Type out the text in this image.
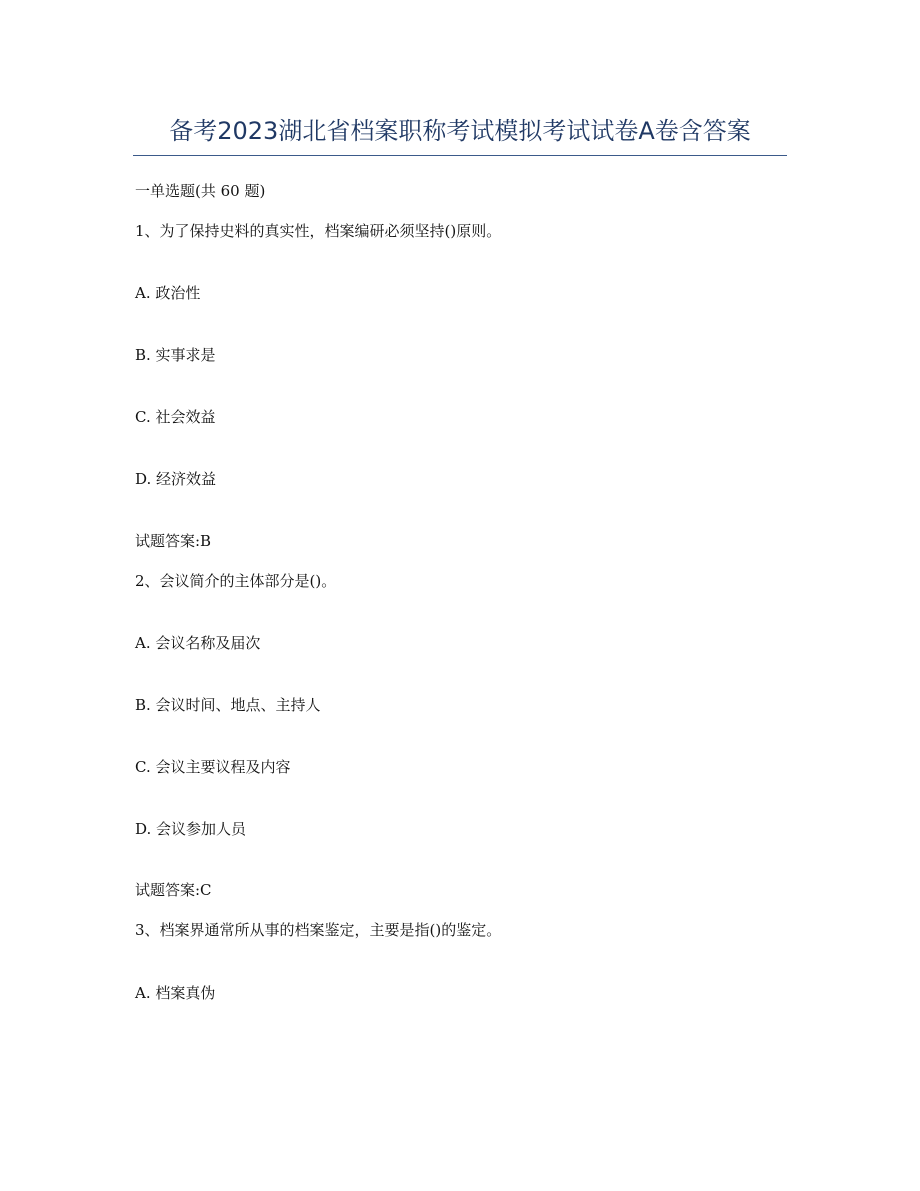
备考2023湖北省档案职称考试模拟考试试卷A卷含答案
一单选题(共 60 题)
1、为了保持史料的真实性，档案编研必须坚持()原则。
A. 政治性
B. 实事求是
C. 社会效益
D. 经济效益
试题答案:B
2、会议简介的主体部分是()。
A. 会议名称及届次
B. 会议时间、地点、主持人
C. 会议主要议程及内容
D. 会议参加人员
试题答案:C
3、档案界通常所从事的档案鉴定，主要是指()的鉴定。
A. 档案真伪
